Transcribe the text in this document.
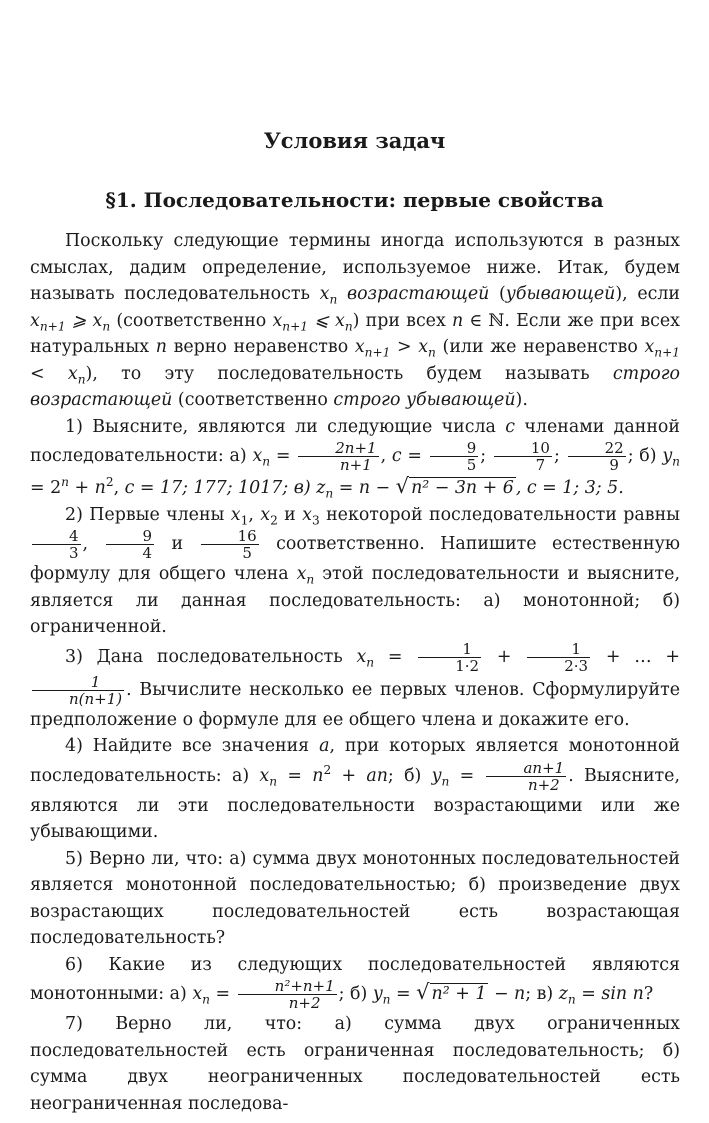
Условия задач
§1. Последовательности: первые свойства

Поскольку следующие термины иногда используются в разных смыслах, дадим определение, используемое ниже. Итак, будем называть последовательность $x_n$ возрастающей (убывающей), если $x_{n+1}$ ⩾ $x_n$ (соответственно $x_{n+1}$ ⩽ $x_n$) при всех n ∈ ℕ. Если же при всех натуральных n верно неравенство $x_{n+1} > x_n$ (или же неравенство $x_{n+1} < x_n$), то эту последовательность будем называть строго возрастающей (соответственно строго убывающей).

1) Выясните, являются ли следующие числа c членами данной последовательности: а) $x_n = \frac{2n+1}{n+1}$ , $c = \frac{9}{5}$ ; $\frac{10}{7}$ ; $\frac{22}{9}$ ; б) $y_n = 2^n + n^2$, c = 17; 177; 1017; в) $z_n = n$ − √ n² − 3n + 6 , c = 1; 3; 5.

2) Первые члены $x_1$, $x_2$ и $x_3$ некоторой последовательности равны
$\frac{4}{3}$ , $\frac{9}{4}$ и $\frac{16}{5}$ соответственно. Напишите естественную формулу для общего члена $x_n$ этой последовательности и выясните, является ли данная последовательность: а) монотонной; б) ограниченной.

3) Дана последовательность $x_n = \frac{1}{1\cdot 2} + \frac{1}{2\cdot 3}$ + … +
$\frac{1}{n(n+1)}$ . Вычислите несколько ее первых членов. Сформулируйте предположение о формуле для ее общего члена и докажите его.

4) Найдите все значения a, при которых является монотонной последовательность: а) $x_n = n^2$ + an; б) $y_n = \frac{an+1}{n+2}$ . Выясните, являются ли эти последовательности возрастающими или же убывающими.

5) Верно ли, что: а) сумма двух монотонных последовательностей является монотонной последовательностью; б) произведение двух возрастающих последовательностей есть возрастающая последовательность?

6) Какие из следующих последовательностей являются монотонными: а) $x_n = \frac{\text{n²+n+1}}{n+2}$ ; б) $y_n$ = √ n² + 1 − n; в) $z_n = \sin n$?

7) Верно ли, что: а) сумма двух ограниченных последовательностей есть ограниченная последовательность; б) сумма двух неограниченных последовательностей есть неограниченная последова-
